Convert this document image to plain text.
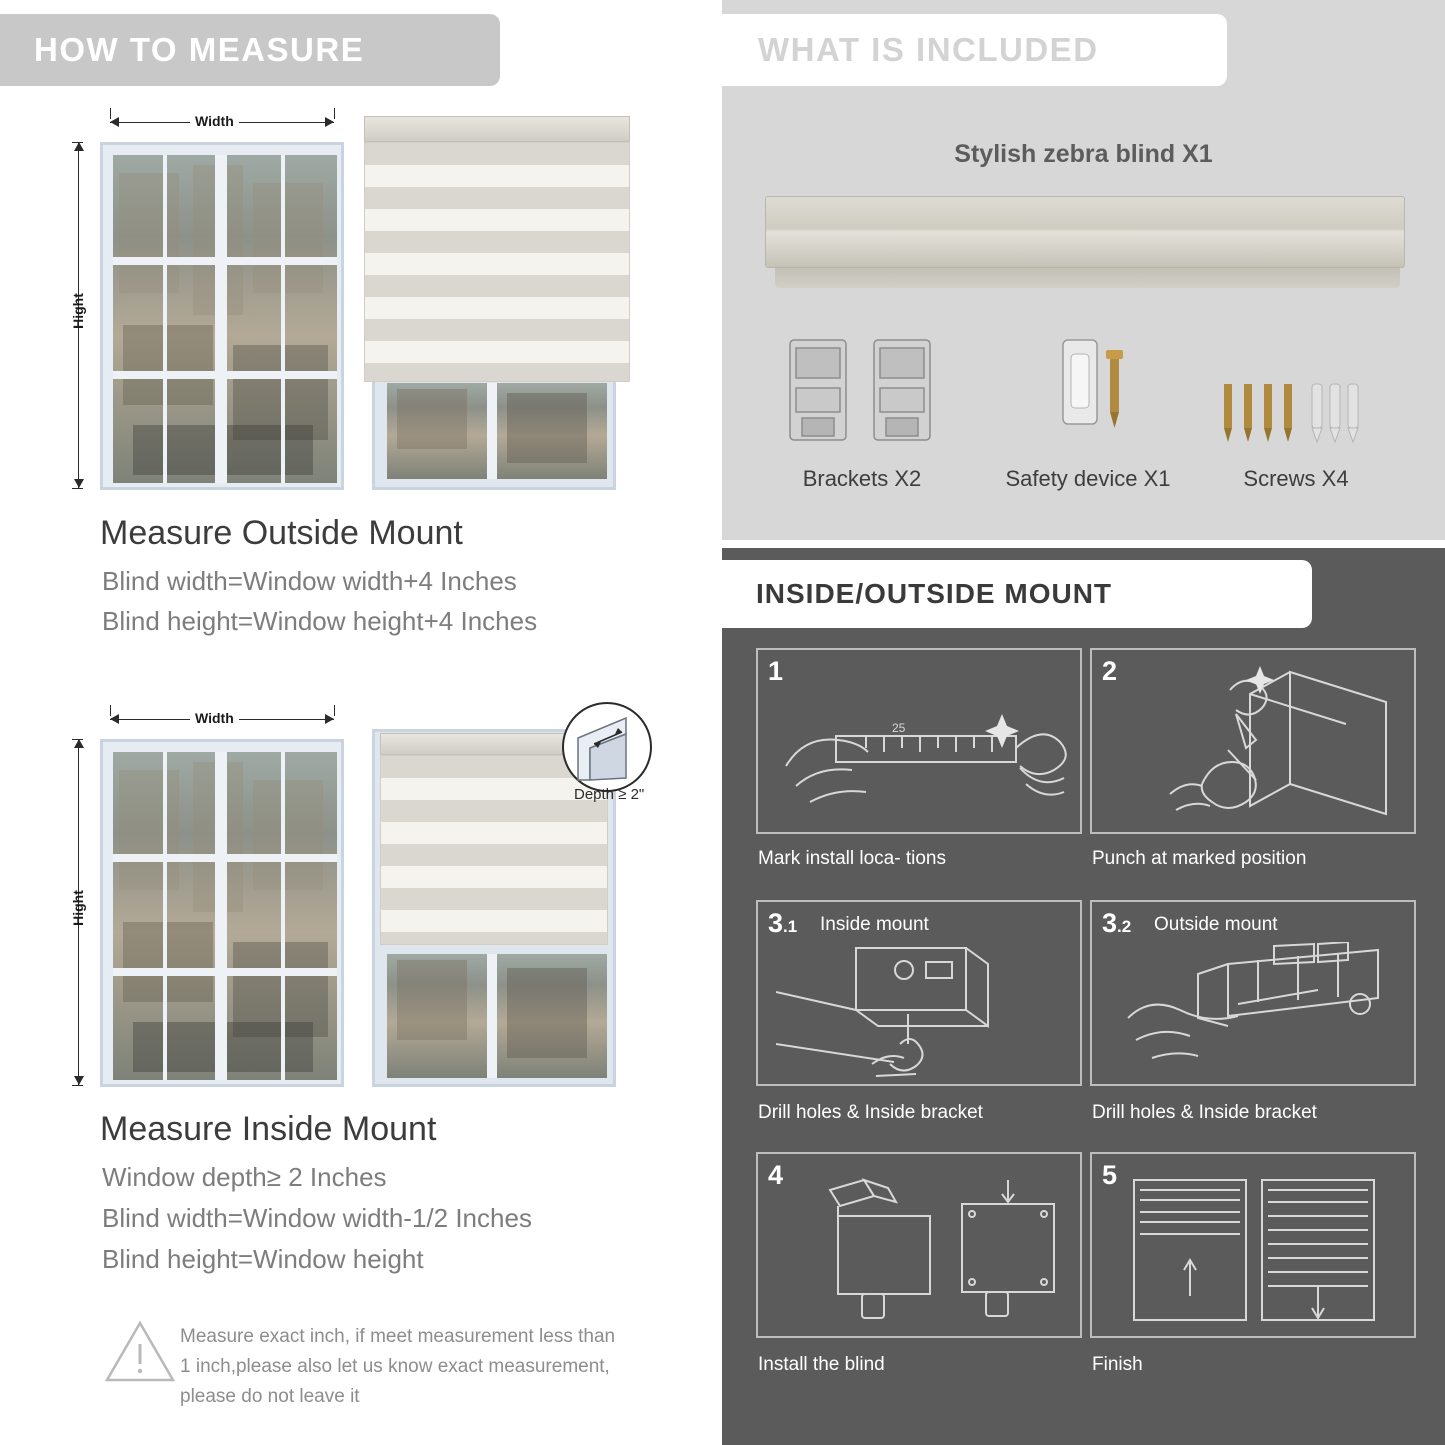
HOW TO MEASURE
Width
Hight
Measure Outside Mount
Blind width=Window width+4 Inches
Blind height=Window height+4 Inches
Width
Hight
Depth ≥ 2"
Measure Inside Mount
Window depth≥ 2 Inches
Blind width=Window width-1/2 Inches
Blind height=Window height
Measure exact inch, if meet measurement less than 1 inch,please also let us know exact measurement, please do not leave it
WHAT IS INCLUDED
Stylish zebra blind X1
Brackets X2	Safety device X1	Screws X4
INSIDE/OUTSIDE MOUNT
1
25
Mark install loca- tions
2
Punch at marked position
3.1 Inside mount
Drill holes & Inside bracket
3.2 Outside mount
Drill holes & Inside bracket
4
Install the blind
5
Finish
